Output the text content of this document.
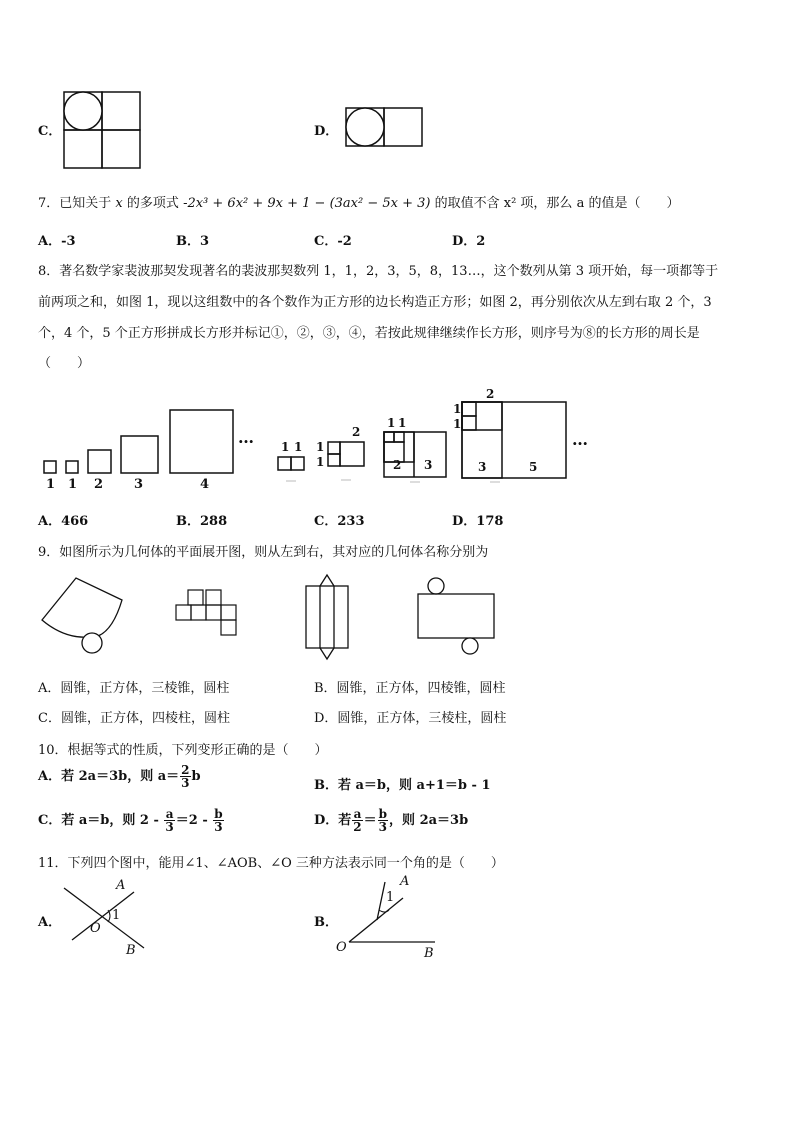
C．	D．
7．已知关于 x 的多项式 -2x³ + 6x² + 9x + 1 − (3ax² − 5x + 3) 的取值不含 x² 项，那么 a 的值是（　　）
A．-3	B．3	C．-2	D．2
8．著名数学家裴波那契发现著名的裴波那契数列 1，1，2，3，5，8，13…，这个数列从第 3 项开始，每一项都等于
前两项之和，如图 1，现以这组数中的各个数作为正方形的边长构造正方形；如图 2，再分别依次从左到右取 2 个，3
个，4 个，5 个正方形拼成长方形并标记①，②，③，④，若按此规律继续作长方形，则序号为⑧的长方形的周长是
（　　）
1 1 2 3	4
… 1 1 1
1
2
1 1
2 3
2
1
1
3	5
…
A．466	B．288	C．233	D．178
9．如图所示为几何体的平面展开图，则从左到右，其对应的几何体名称分别为
A．圆锥，正方体，三棱锥，圆柱	B．圆锥，正方体，四棱锥，圆柱
C．圆锥，正方体，四棱柱，圆柱	D．圆锥，正方体，三棱柱，圆柱
10．根据等式的性质，下列变形正确的是（　　）
A．若 2a＝3b，则 $a= \frac{2}{3}$ b
B．若 a＝b，则 a+1＝b - 1
C．若 a＝b，则 $2 - \frac{a}{3} =2 - \frac{b}{3}$	D．若 $\frac{a}{2} = \frac{b}{3}$ ，则 2a＝3b
11．下列四个图中，能用∠1、∠AOB、∠O 三种方法表示同一个角的是（　　）
A．
A
1
O
B
B．
A
1
O	B
